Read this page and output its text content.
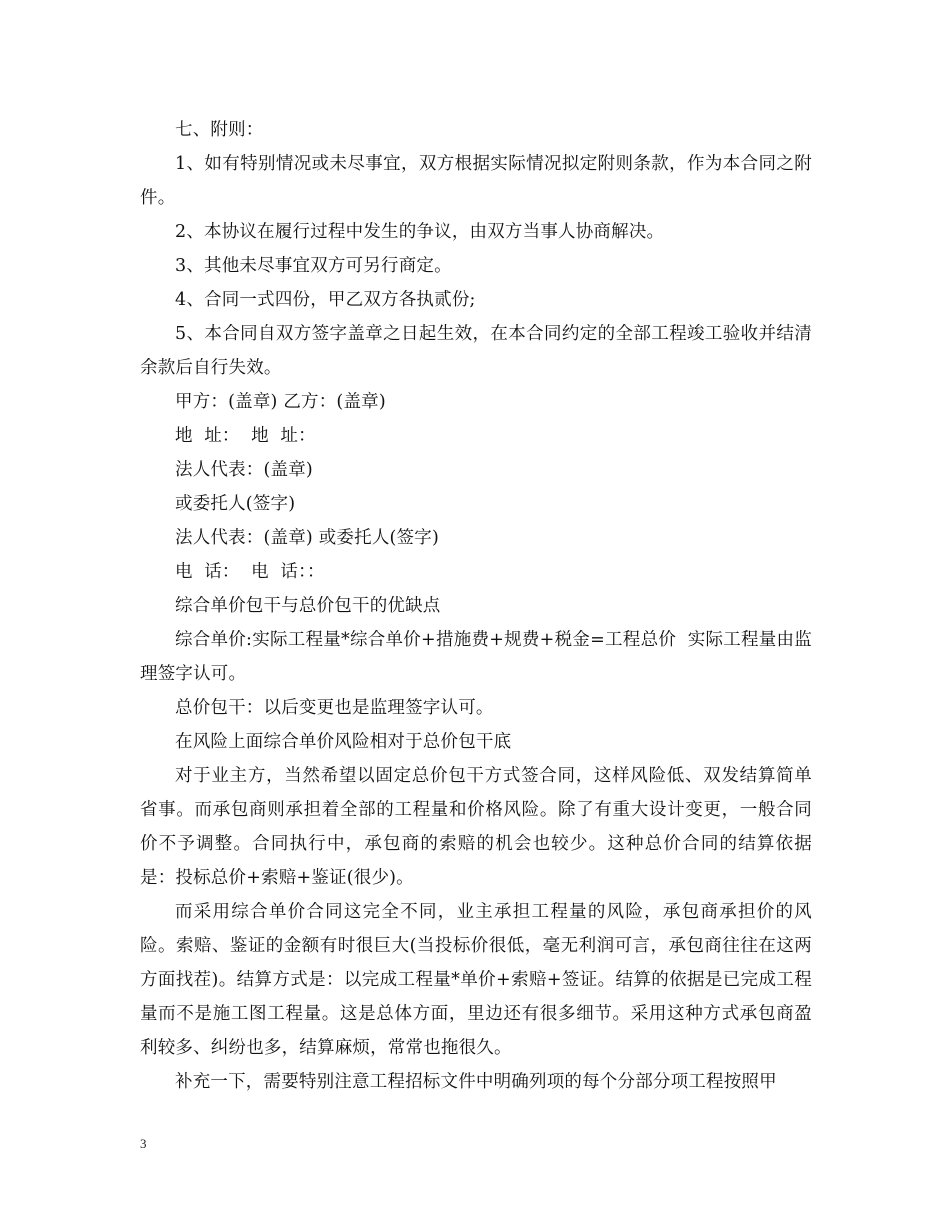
七、附则：

1、如有特别情况或未尽事宜，双方根据实际情况拟定附则条款，作为本合同之附件。

2、本协议在履行过程中发生的争议，由双方当事人协商解决。

3、其他未尽事宜双方可另行商定。

4、合同一式四份，甲乙双方各执贰份;

5、本合同自双方签字盖章之日起生效，在本合同约定的全部工程竣工验收并结清余款后自行失效。

甲方：(盖章) 乙方：(盖章)

地  址：  地  址：

法人代表：(盖章)

或委托人(签字)

法人代表：(盖章) 或委托人(签字)

电  话：  电  话：：

综合单价包干与总价包干的优缺点

综合单价:实际工程量*综合单价+措施费+规费+税金=工程总价  实际工程量由监理签字认可。

总价包干：以后变更也是监理签字认可。

在风险上面综合单价风险相对于总价包干底

对于业主方，当然希望以固定总价包干方式签合同，这样风险低、双发结算简单省事。而承包商则承担着全部的工程量和价格风险。除了有重大设计变更，一般合同价不予调整。合同执行中，承包商的索赔的机会也较少。这种总价合同的结算依据是：投标总价+索赔+鉴证(很少)。

而采用综合单价合同这完全不同，业主承担工程量的风险，承包商承担价的风险。索赔、鉴证的金额有时很巨大(当投标价很低，毫无利润可言，承包商往往在这两方面找茬)。结算方式是：以完成工程量*单价+索赔+签证。结算的依据是已完成工程量而不是施工图工程量。这是总体方面，里边还有很多细节。采用这种方式承包商盈利较多、纠纷也多，结算麻烦，常常也拖很久。

补充一下，需要特别注意工程招标文件中明确列项的每个分部分项工程按照甲

3
